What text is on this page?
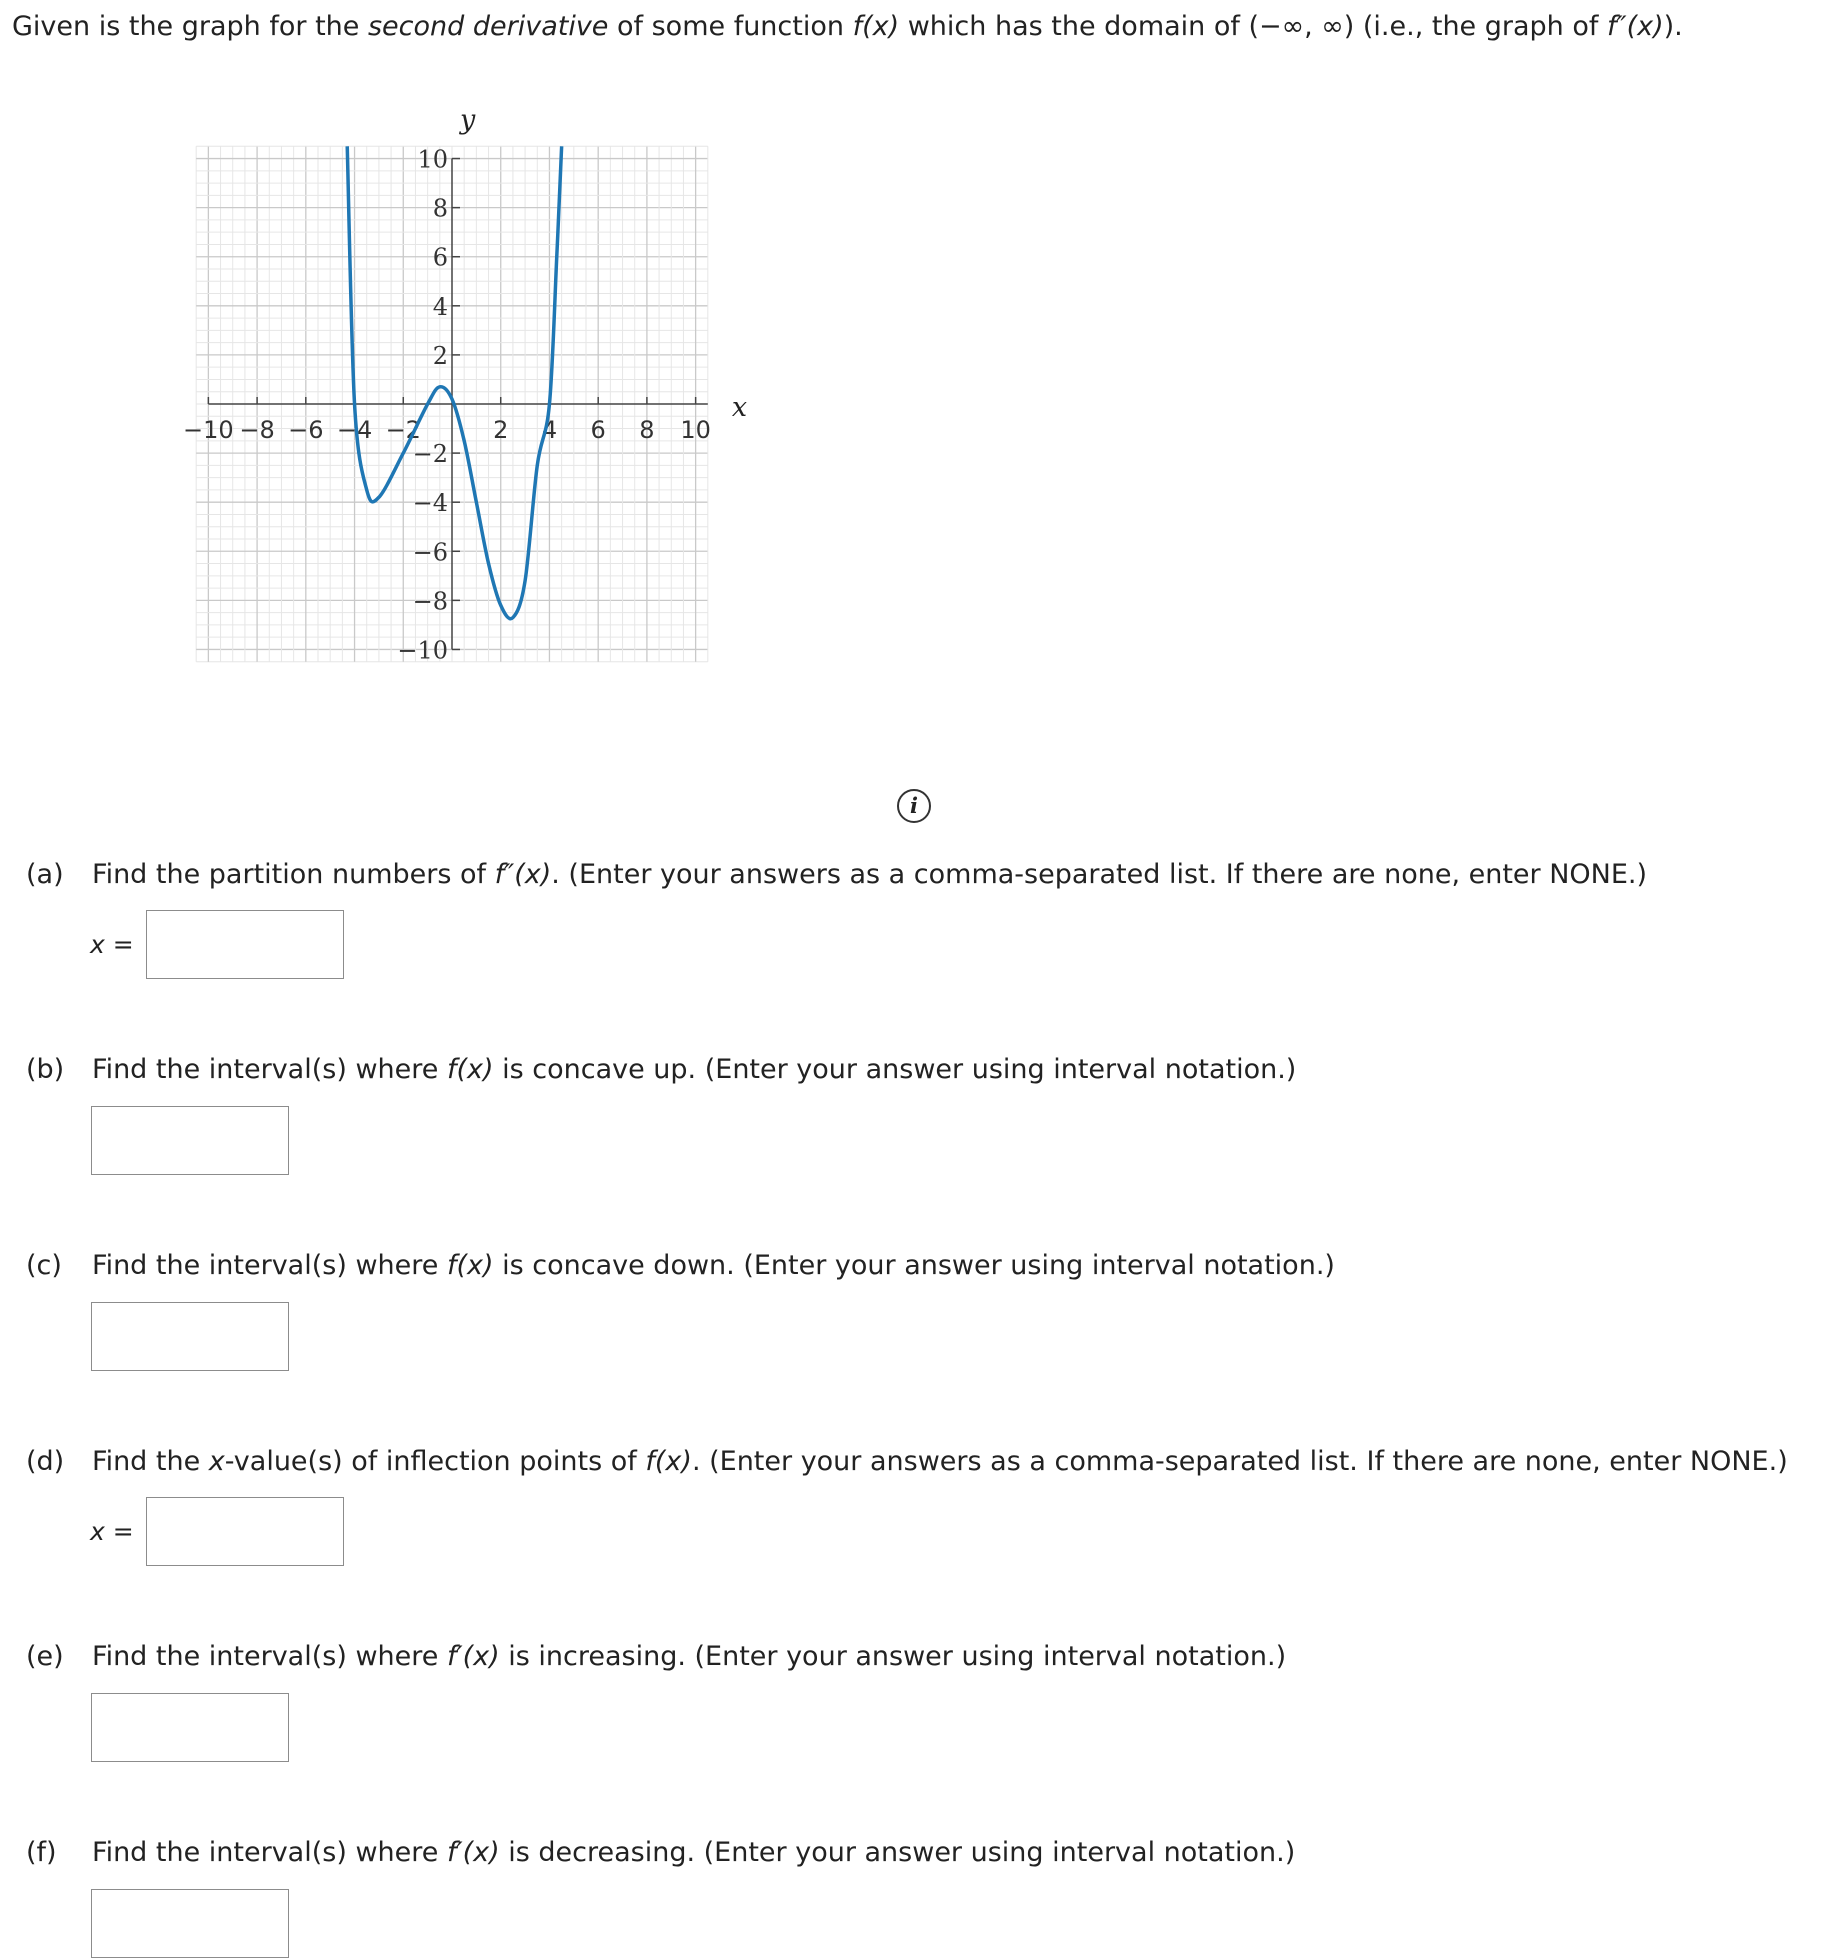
Given is the graph for the second derivative of some function f(x) which has the domain of (−∞, ∞) (i.e., the graph of f″(x)).
−10 −8 −6 −4 −2	2 4 6 8 10
10
8
6
4
2
−2
−4
−6
−8
−10
x
y
i
(a) Find the partition numbers of f″(x). (Enter your answers as a comma-separated list. If there are none, enter NONE.)
x =
(b) Find the interval(s) where f(x) is concave up. (Enter your answer using interval notation.)
(c) Find the interval(s) where f(x) is concave down. (Enter your answer using interval notation.)
(d) Find the x-value(s) of inflection points of f(x). (Enter your answers as a comma-separated list. If there are none, enter NONE.)
x =
(e) Find the interval(s) where f′(x) is increasing. (Enter your answer using interval notation.)
(f) Find the interval(s) where f′(x) is decreasing. (Enter your answer using interval notation.)
